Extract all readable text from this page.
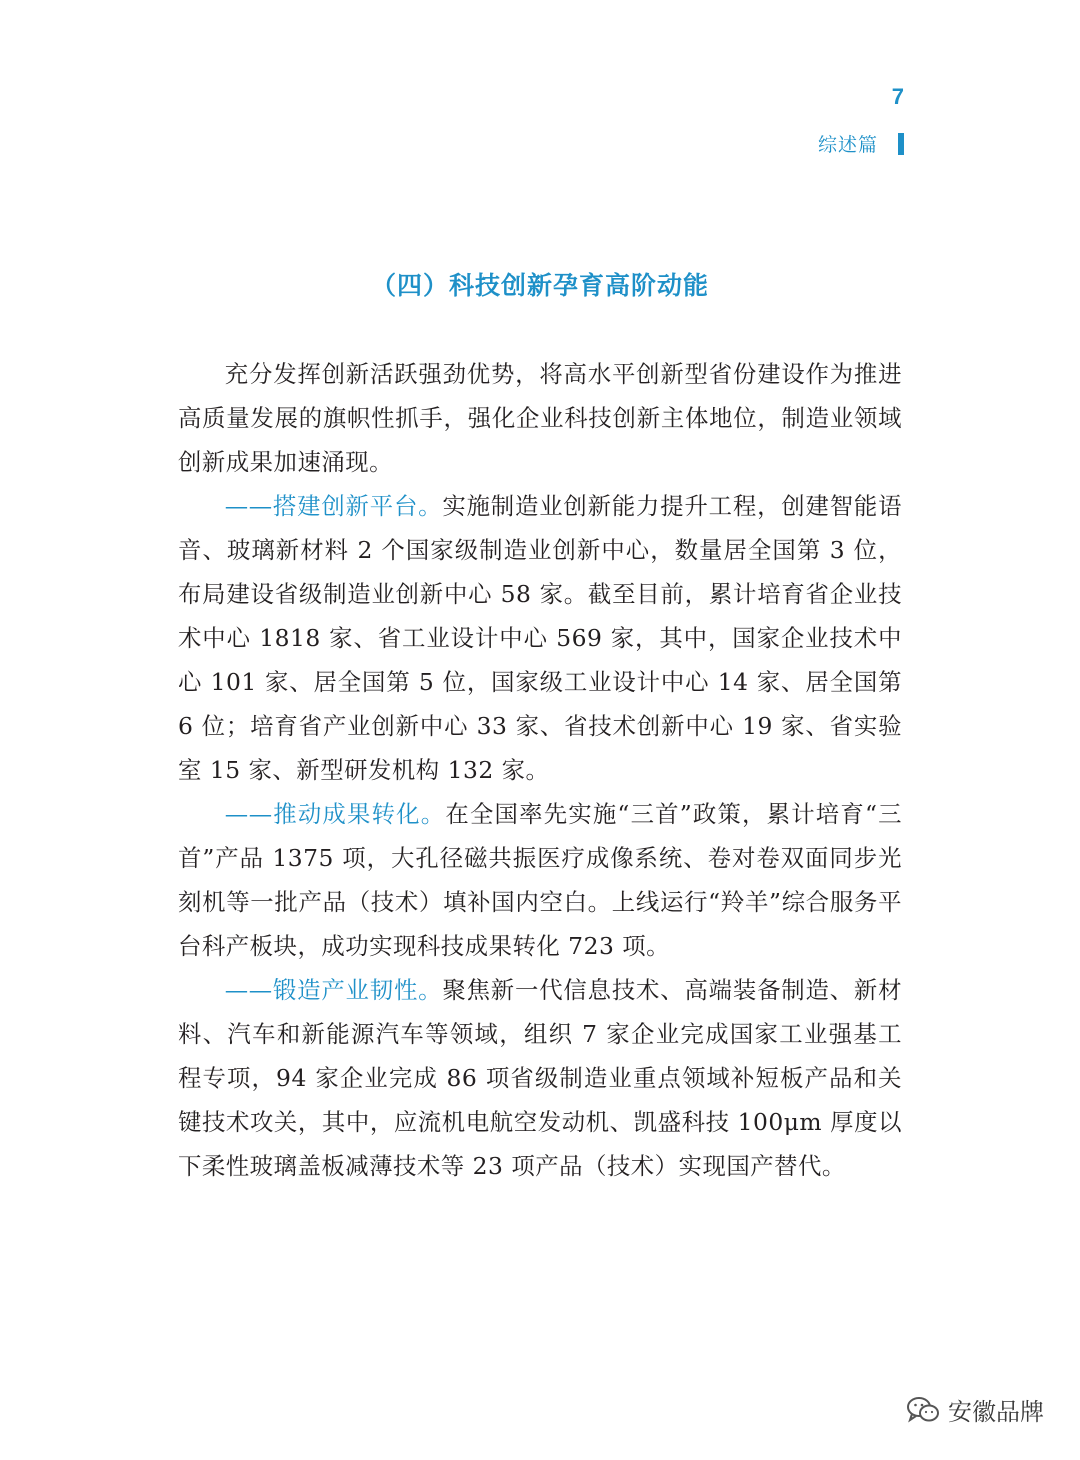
7
综述篇
（四）科技创新孕育高阶动能

充分发挥创新活跃强劲优势，将高水平创新型省份建设作为推进高质量发展的旗帜性抓手，强化企业科技创新主体地位，制造业领域创新成果加速涌现。

——搭建创新平台。实施制造业创新能力提升工程，创建智能语音、玻璃新材料 2 个国家级制造业创新中心，数量居全国第 3 位，布局建设省级制造业创新中心 58 家。截至目前，累计培育省企业技术中心 1818 家、省工业设计中心 569 家，其中，国家企业技术中心 101 家、居全国第 5 位，国家级工业设计中心 14 家、居全国第 6 位；培育省产业创新中心 33 家、省技术创新中心 19 家、省实验室 15 家、新型研发机构 132 家。

——推动成果转化。在全国率先实施“三首”政策，累计培育“三首”产品 1375 项，大孔径磁共振医疗成像系统、卷对卷双面同步光刻机等一批产品（技术）填补国内空白。上线运行“羚羊”综合服务平台科产板块，成功实现科技成果转化 723 项。

——锻造产业韧性。聚焦新一代信息技术、高端装备制造、新材料、汽车和新能源汽车等领域，组织 7 家企业完成国家工业强基工程专项，94 家企业完成 86 项省级制造业重点领域补短板产品和关键技术攻关，其中，应流机电航空发动机、凯盛科技 100μm 厚度以下柔性玻璃盖板减薄技术等 23 项产品（技术）实现国产替代。

安徽品牌
